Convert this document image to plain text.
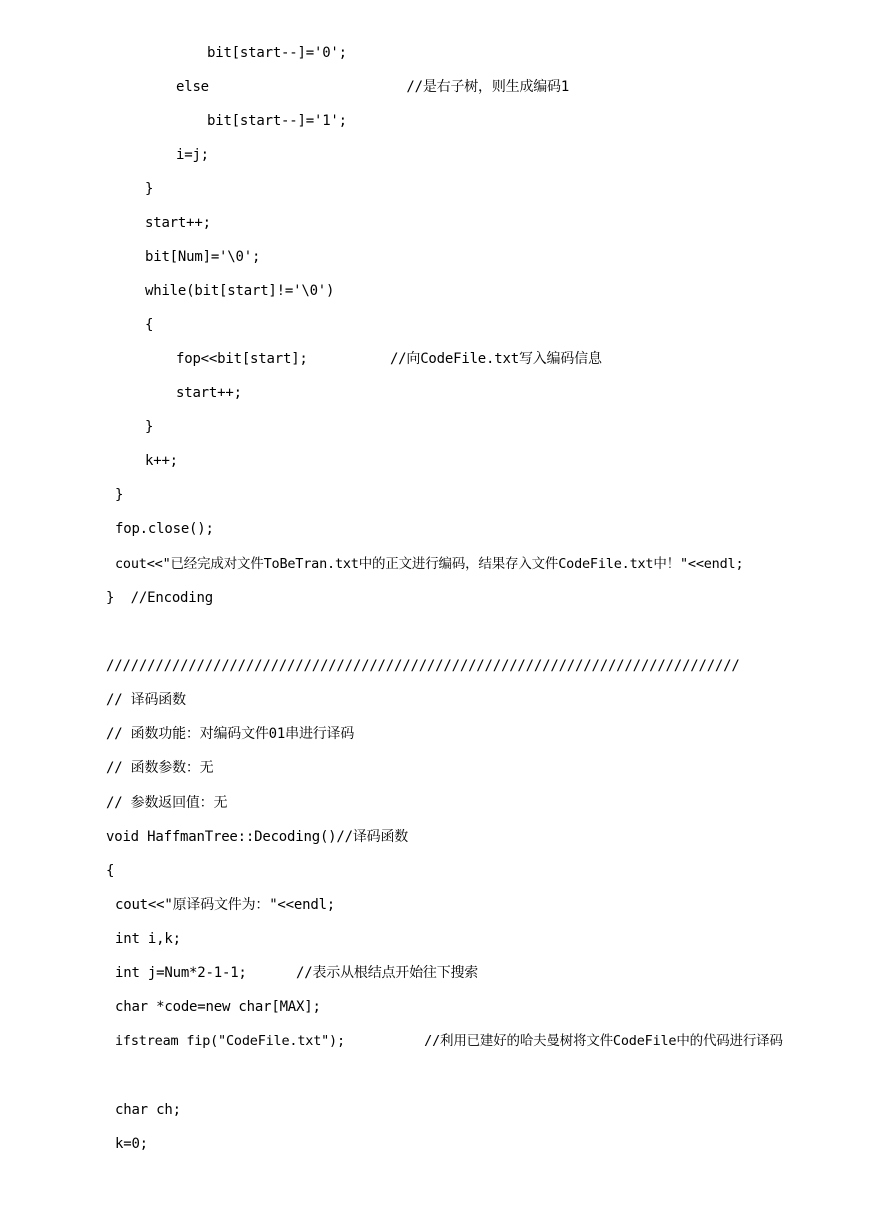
bit[start--]='0';
else                        //是右子树，则生成编码1
bit[start--]='1';
i=j;
}
start++;
bit[Num]='\0';
while(bit[start]!='\0')
{
fop<<bit[start];          //向CodeFile.txt写入编码信息
start++;
}
k++;
}
fop.close();
cout<<"已经完成对文件ToBeTran.txt中的正文进行编码，结果存入文件CodeFile.txt中！"<<endl;
}  //Encoding
/////////////////////////////////////////////////////////////////////////////
// 译码函数
// 函数功能：对编码文件01串进行译码
// 函数参数：无
// 参数返回值：无
void HaffmanTree::Decoding()//译码函数
{
cout<<"原译码文件为："<<endl;
int i,k;
int j=Num*2-1-1;      //表示从根结点开始往下搜索
char *code=new char[MAX];
ifstream fip("CodeFile.txt");          //利用已建好的哈夫曼树将文件CodeFile中的代码进行译码
char ch;
k=0;
